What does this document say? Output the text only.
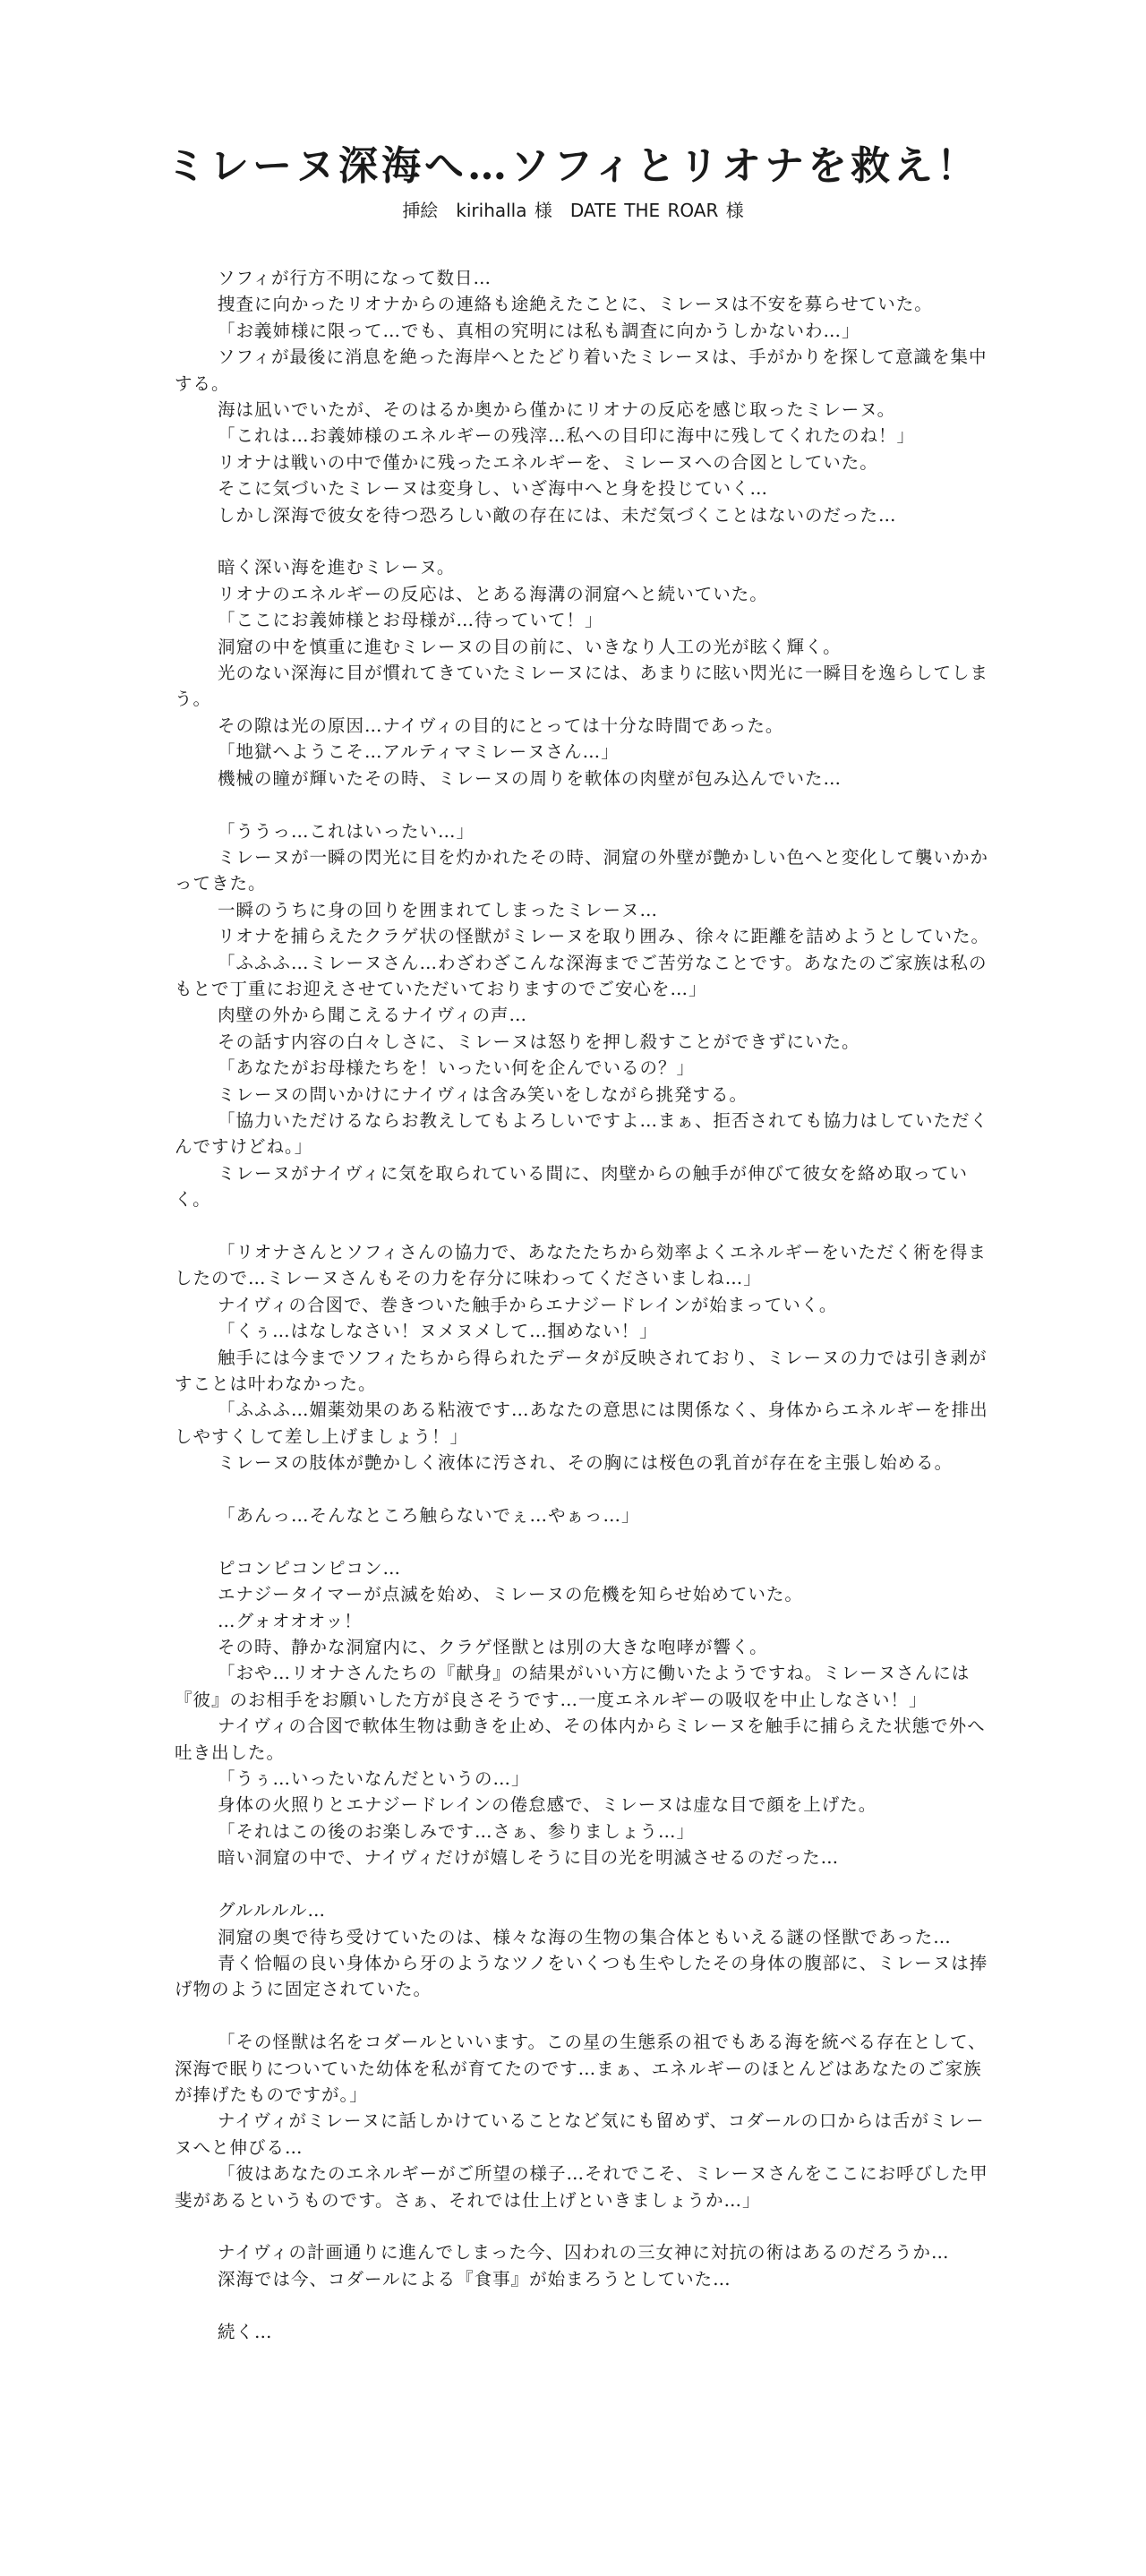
ミレーヌ深海へ…ソフィとリオナを救え！
挿絵　kirihalla 様　DATE THE ROAR 様

ソフィが行方不明になって数日…

捜査に向かったリオナからの連絡も途絶えたことに、ミレーヌは不安を募らせていた。

「お義姉様に限って…でも、真相の究明には私も調査に向かうしかないわ…」

ソフィが最後に消息を絶った海岸へとたどり着いたミレーヌは、手がかりを探して意識を集中する。

海は凪いでいたが、そのはるか奥から僅かにリオナの反応を感じ取ったミレーヌ。

「これは…お義姉様のエネルギーの残滓…私への目印に海中に残してくれたのね！」

リオナは戦いの中で僅かに残ったエネルギーを、ミレーヌへの合図としていた。

そこに気づいたミレーヌは変身し、いざ海中へと身を投じていく…

しかし深海で彼女を待つ恐ろしい敵の存在には、未だ気づくことはないのだった…

暗く深い海を進むミレーヌ。

リオナのエネルギーの反応は、とある海溝の洞窟へと続いていた。

「ここにお義姉様とお母様が…待っていて！」

洞窟の中を慎重に進むミレーヌの目の前に、いきなり人工の光が眩く輝く。

光のない深海に目が慣れてきていたミレーヌには、あまりに眩い閃光に一瞬目を逸らしてしまう。

その隙は光の原因…ナイヴィの目的にとっては十分な時間であった。

「地獄へようこそ…アルティマミレーヌさん…」

機械の瞳が輝いたその時、ミレーヌの周りを軟体の肉壁が包み込んでいた…

「ううっ…これはいったい…」

ミレーヌが一瞬の閃光に目を灼かれたその時、洞窟の外壁が艶かしい色へと変化して襲いかかってきた。

一瞬のうちに身の回りを囲まれてしまったミレーヌ…

リオナを捕らえたクラゲ状の怪獣がミレーヌを取り囲み、徐々に距離を詰めようとしていた。

「ふふふ…ミレーヌさん…わざわざこんな深海までご苦労なことです。あなたのご家族は私のもとで丁重にお迎えさせていただいておりますのでご安心を…」

肉壁の外から聞こえるナイヴィの声…

その話す内容の白々しさに、ミレーヌは怒りを押し殺すことができずにいた。

「あなたがお母様たちを！いったい何を企んでいるの？」

ミレーヌの問いかけにナイヴィは含み笑いをしながら挑発する。

「協力いただけるならお教えしてもよろしいですよ…まぁ、拒否されても協力はしていただくんですけどね。」

ミレーヌがナイヴィに気を取られている間に、肉壁からの触手が伸びて彼女を絡め取っていく。

「リオナさんとソフィさんの協力で、あなたたちから効率よくエネルギーをいただく術を得ましたので…ミレーヌさんもその力を存分に味わってくださいましね…」

ナイヴィの合図で、巻きついた触手からエナジードレインが始まっていく。

「くぅ…はなしなさい！ヌメヌメして…掴めない！」

触手には今までソフィたちから得られたデータが反映されており、ミレーヌの力では引き剥がすことは叶わなかった。

「ふふふ…媚薬効果のある粘液です…あなたの意思には関係なく、身体からエネルギーを排出しやすくして差し上げましょう！」

ミレーヌの肢体が艶かしく液体に汚され、その胸には桜色の乳首が存在を主張し始める。

「あんっ…そんなところ触らないでぇ…やぁっ…」

ピコンピコンピコン…

エナジータイマーが点滅を始め、ミレーヌの危機を知らせ始めていた。

…グォオオオッ！

その時、静かな洞窟内に、クラゲ怪獣とは別の大きな咆哮が響く。

「おや…リオナさんたちの『献身』の結果がいい方に働いたようですね。ミレーヌさんには『彼』のお相手をお願いした方が良さそうです…一度エネルギーの吸収を中止しなさい！」

ナイヴィの合図で軟体生物は動きを止め、その体内からミレーヌを触手に捕らえた状態で外へ吐き出した。

「うぅ…いったいなんだというの…」

身体の火照りとエナジードレインの倦怠感で、ミレーヌは虚な目で顔を上げた。

「それはこの後のお楽しみです…さぁ、参りましょう…」

暗い洞窟の中で、ナイヴィだけが嬉しそうに目の光を明滅させるのだった…

グルルルル…

洞窟の奥で待ち受けていたのは、様々な海の生物の集合体ともいえる謎の怪獣であった…

青く恰幅の良い身体から牙のようなツノをいくつも生やしたその身体の腹部に、ミレーヌは捧げ物のように固定されていた。

「その怪獣は名をコダールといいます。この星の生態系の祖でもある海を統べる存在として、深海で眠りについていた幼体を私が育てたのです…まぁ、エネルギーのほとんどはあなたのご家族が捧げたものですが。」

ナイヴィがミレーヌに話しかけていることなど気にも留めず、コダールの口からは舌がミレーヌへと伸びる…

「彼はあなたのエネルギーがご所望の様子…それでこそ、ミレーヌさんをここにお呼びした甲斐があるというものです。さぁ、それでは仕上げといきましょうか…」

ナイヴィの計画通りに進んでしまった今、囚われの三女神に対抗の術はあるのだろうか…

深海では今、コダールによる『食事』が始まろうとしていた…

続く…
